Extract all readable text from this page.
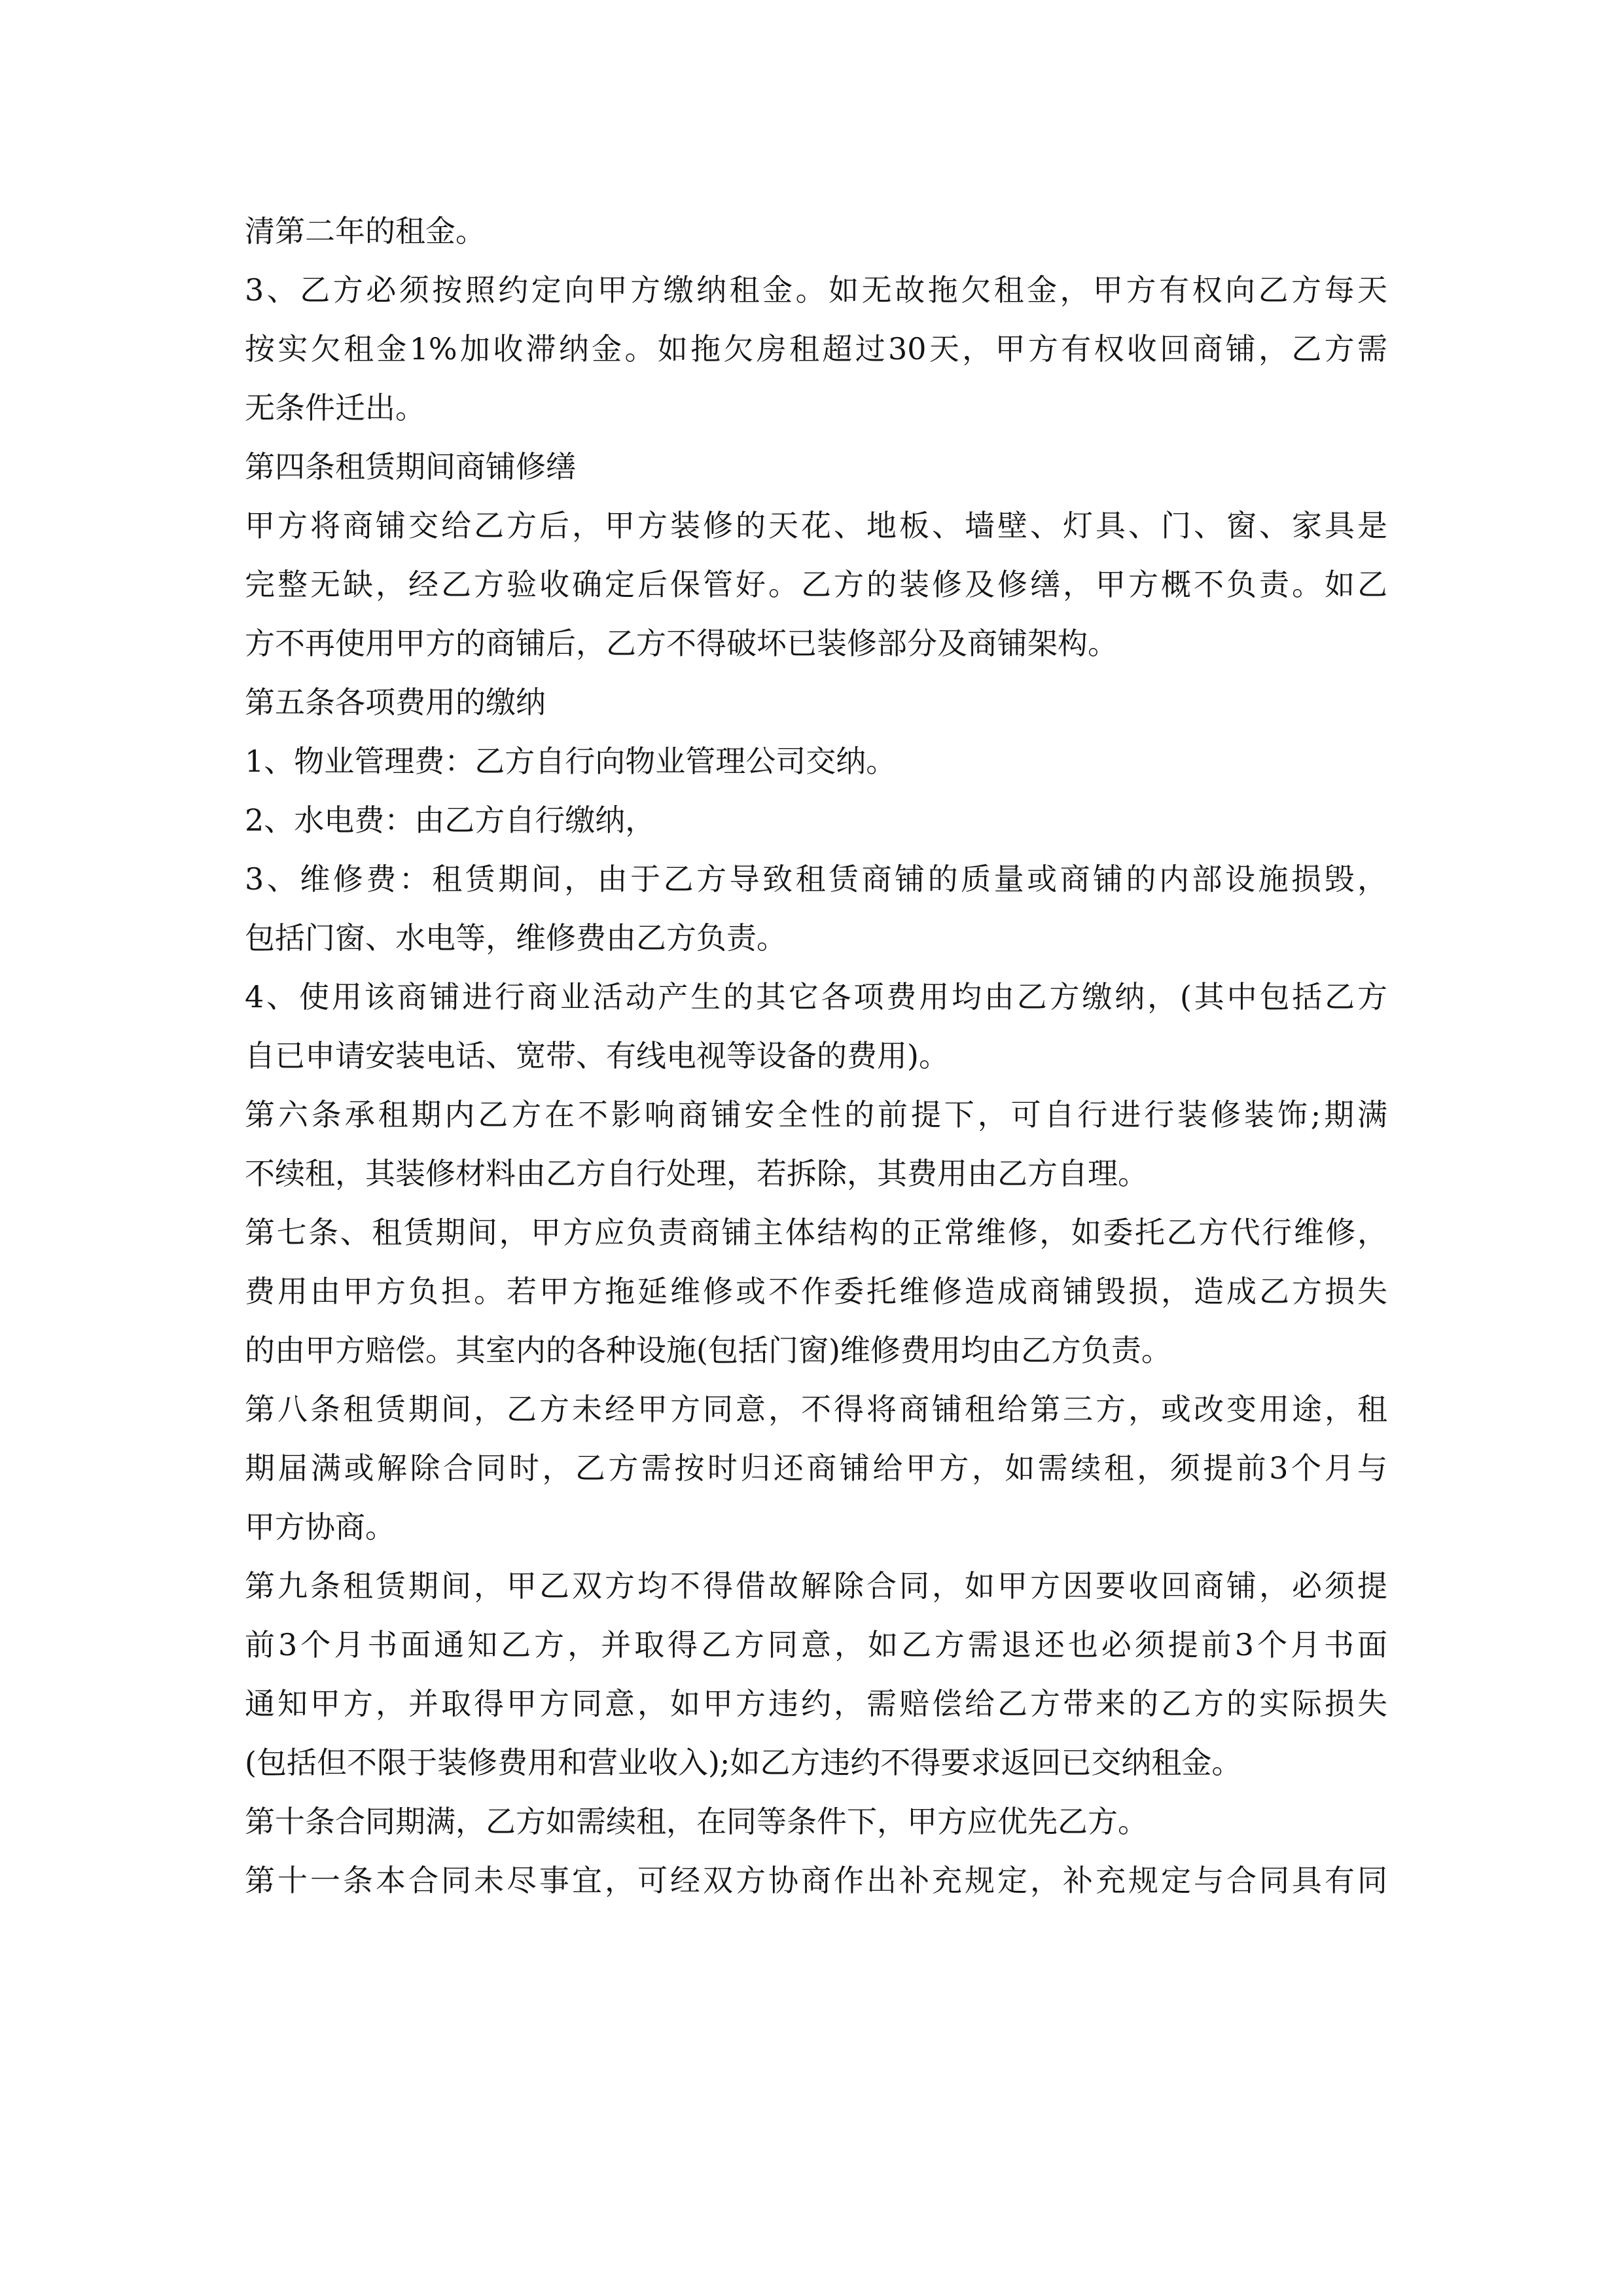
清第二年的租金。
3、乙方必须按照约定向甲方缴纳租金。如无故拖欠租金，甲方有权向乙方每天
按实欠租金1%加收滞纳金。如拖欠房租超过30天，甲方有权收回商铺，乙方需
无条件迁出。
第四条租赁期间商铺修缮
甲方将商铺交给乙方后，甲方装修的天花、地板、墙壁、灯具、门、窗、家具是
完整无缺，经乙方验收确定后保管好。乙方的装修及修缮，甲方概不负责。如乙
方不再使用甲方的商铺后，乙方不得破坏已装修部分及商铺架构。
第五条各项费用的缴纳
1、物业管理费：乙方自行向物业管理公司交纳。
2、水电费：由乙方自行缴纳，
3、维修费：租赁期间，由于乙方导致租赁商铺的质量或商铺的内部设施损毁，
包括门窗、水电等，维修费由乙方负责。
4、使用该商铺进行商业活动产生的其它各项费用均由乙方缴纳，(其中包括乙方
自已申请安装电话、宽带、有线电视等设备的费用)。
第六条承租期内乙方在不影响商铺安全性的前提下，可自行进行装修装饰;期满
不续租，其装修材料由乙方自行处理，若拆除，其费用由乙方自理。
第七条、租赁期间，甲方应负责商铺主体结构的正常维修，如委托乙方代行维修，
费用由甲方负担。若甲方拖延维修或不作委托维修造成商铺毁损，造成乙方损失
的由甲方赔偿。其室内的各种设施(包括门窗)维修费用均由乙方负责。
第八条租赁期间，乙方未经甲方同意，不得将商铺租给第三方，或改变用途，租
期届满或解除合同时，乙方需按时归还商铺给甲方，如需续租，须提前3个月与
甲方协商。
第九条租赁期间，甲乙双方均不得借故解除合同，如甲方因要收回商铺，必须提
前3个月书面通知乙方，并取得乙方同意，如乙方需退还也必须提前3个月书面
通知甲方，并取得甲方同意，如甲方违约，需赔偿给乙方带来的乙方的实际损失
(包括但不限于装修费用和营业收入);如乙方违约不得要求返回已交纳租金。
第十条合同期满，乙方如需续租，在同等条件下，甲方应优先乙方。
第十一条本合同未尽事宜，可经双方协商作出补充规定，补充规定与合同具有同
